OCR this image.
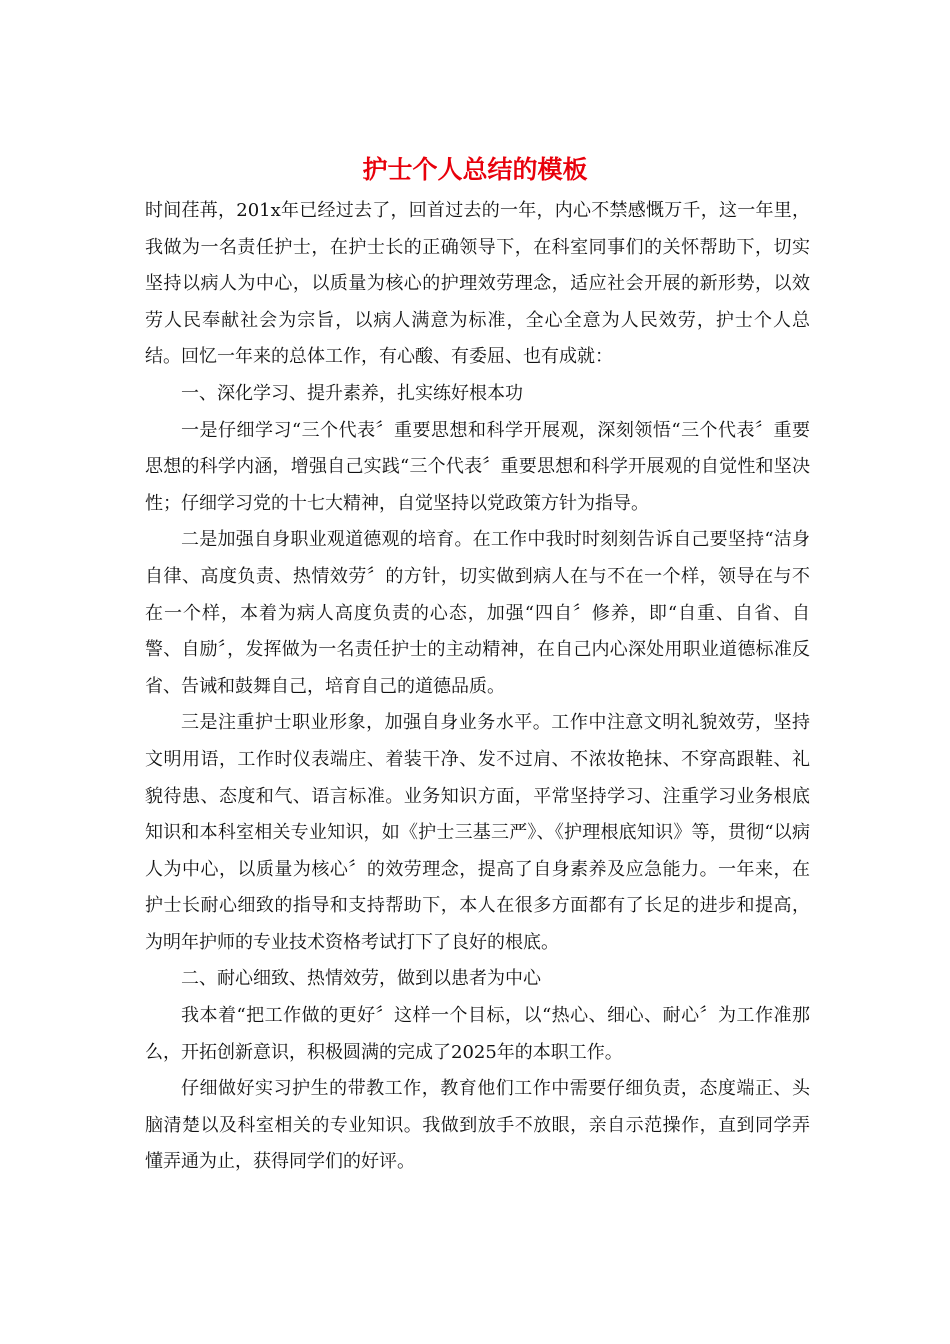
护士个人总结的模板

时间荏苒，201x年已经过去了，回首过去的一年，内心不禁感慨万千，这一年里，我做为一名责任护士，在护士长的正确领导下，在科室同事们的关怀帮助下，切实坚持以病人为中心，以质量为核心的护理效劳理念，适应社会开展的新形势，以效劳人民奉献社会为宗旨，以病人满意为标准，全心全意为人民效劳，护士个人总结。回忆一年来的总体工作，有心酸、有委屈、也有成就：

一、深化学习、提升素养，扎实练好根本功

一是仔细学习“三个代表〞重要思想和科学开展观，深刻领悟“三个代表〞重要思想的科学内涵，增强自己实践“三个代表〞重要思想和科学开展观的自觉性和坚决性；仔细学习党的十七大精神，自觉坚持以党政策方针为指导。

二是加强自身职业观道德观的培育。在工作中我时时刻刻告诉自己要坚持“洁身自律、高度负责、热情效劳〞的方针，切实做到病人在与不在一个样，领导在与不在一个样，本着为病人高度负责的心态，加强“四自〞修养，即“自重、自省、自警、自励〞，发挥做为一名责任护士的主动精神，在自己内心深处用职业道德标准反省、告诫和鼓舞自己，培育自己的道德品质。

三是注重护士职业形象，加强自身业务水平。工作中注意文明礼貌效劳，坚持文明用语，工作时仪表端庄、着装干净、发不过肩、不浓妆艳抹、不穿高跟鞋、礼貌待患、态度和气、语言标准。业务知识方面，平常坚持学习、注重学习业务根底知识和本科室相关专业知识，如《护士三基三严》、《护理根底知识》等，贯彻“以病人为中心，以质量为核心〞的效劳理念，提高了自身素养及应急能力。一年来，在护士长耐心细致的指导和支持帮助下，本人在很多方面都有了长足的进步和提高，为明年护师的专业技术资格考试打下了良好的根底。

二、耐心细致、热情效劳，做到以患者为中心

我本着“把工作做的更好〞这样一个目标，以“热心、细心、耐心〞为工作准那么，开拓创新意识，积极圆满的完成了2025年的本职工作。

仔细做好实习护生的带教工作，教育他们工作中需要仔细负责，态度端正、头脑清楚以及科室相关的专业知识。我做到放手不放眼，亲自示范操作，直到同学弄懂弄通为止，获得同学们的好评。
